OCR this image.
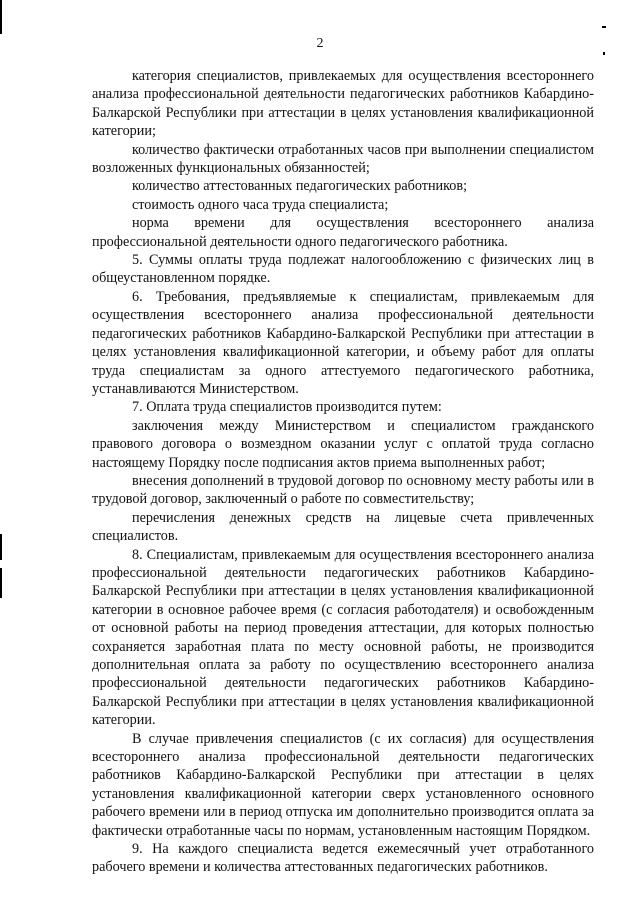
2

категория специалистов, привлекаемых для осуществления всестороннего анализа профессиональной деятельности педагогических работников Кабардино-Балкарской Республики при аттестации в целях установления квалификационной категории;

количество фактически отработанных часов при выполнении специалистом возложенных функциональных обязанностей;

количество аттестованных педагогических работников;

стоимость одного часа труда специалиста;

норма времени для осуществления всестороннего анализа профессиональной деятельности одного педагогического работника.

5. Суммы оплаты труда подлежат налогообложению с физических лиц в общеустановленном порядке.

6. Требования, предъявляемые к специалистам, привлекаемым для осуществления всестороннего анализа профессиональной деятельности педагогических работников Кабардино-Балкарской Республики при аттестации в целях установления квалификационной категории, и объему работ для оплаты труда специалистам за одного аттестуемого педагогического работника, устанавливаются Министерством.

7. Оплата труда специалистов производится путем:

заключения между Министерством и специалистом гражданского правового договора о возмездном оказании услуг с оплатой труда согласно настоящему Порядку после подписания актов приема выполненных работ;

внесения дополнений в трудовой договор по основному месту работы или в трудовой договор, заключенный о работе по совместительству;

перечисления денежных средств на лицевые счета привлеченных специалистов.

8. Специалистам, привлекаемым для осуществления всестороннего анализа профессиональной деятельности педагогических работников Кабардино-Балкарской Республики при аттестации в целях установления квалификационной категории в основное рабочее время (с согласия работодателя) и освобожденным от основной работы на период проведения аттестации, для которых полностью сохраняется заработная плата по месту основной работы, не производится дополнительная оплата за работу по осуществлению всестороннего анализа профессиональной деятельности педагогических работников Кабардино-Балкарской Республики при аттестации в целях установления квалификационной категории.

В случае привлечения специалистов (с их согласия) для осуществления всестороннего анализа профессиональной деятельности педагогических работников Кабардино-Балкарской Республики при аттестации в целях установления квалификационной категории сверх установленного основного рабочего времени или в период отпуска им дополнительно производится оплата за фактически отработанные часы по нормам, установленным настоящим Порядком.

9. На каждого специалиста ведется ежемесячный учет отработанного рабочего времени и количества аттестованных педагогических работников.
